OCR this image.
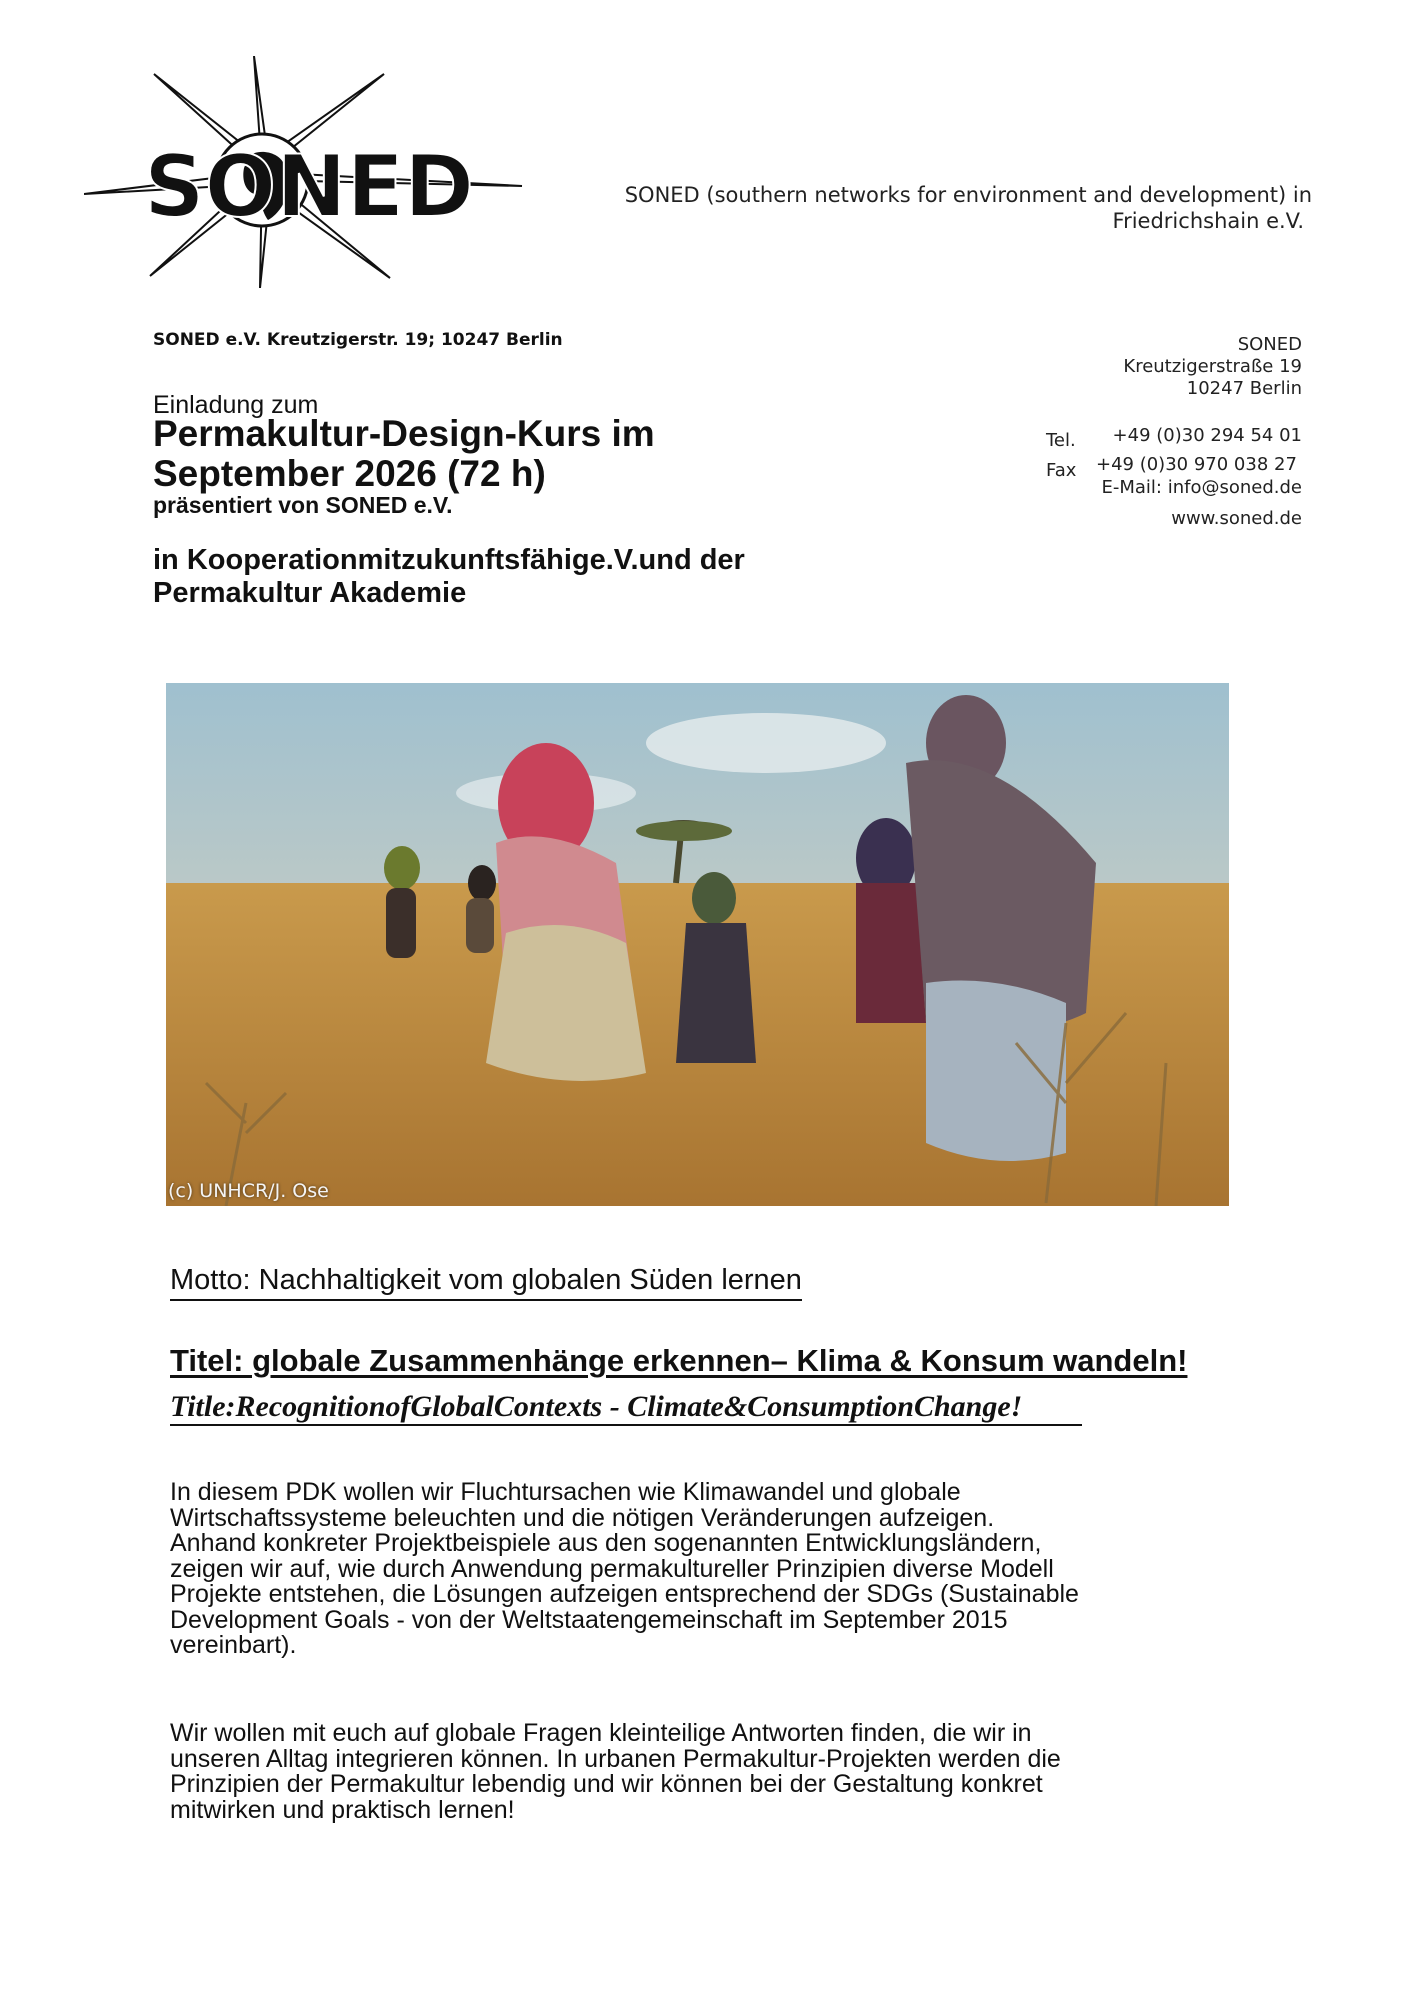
SONED	SONED (southern networks for environment and development) in
Friedrichshain e.V.
SONED e.V. Kreutzigerstr. 19; 10247 Berlin	SONED
Kreutzigerstraße 19
10247 Berlin
Tel. +49 (0)30 294 54 01
Fax +49 (0)30 970 038 27
E-Mail: info@soned.de
www.soned.de
Einladung zum
Permakultur-Design-Kurs im
September 2026 (72 h)
präsentiert von SONED e.V.
in Kooperationmitzukunftsfähige.V.und der
Permakultur Akademie
(c) UNHCR/J. Ose
Motto: Nachhaltigkeit vom globalen Süden lernen
Titel: globale Zusammenhänge erkennen– Klima & Konsum wandeln!
Title:RecognitionofGlobalContexts - Climate&ConsumptionChange!
In diesem PDK wollen wir Fluchtursachen wie Klimawandel und globale
Wirtschaftssysteme beleuchten und die nötigen Veränderungen aufzeigen.
Anhand konkreter Projektbeispiele aus den sogenannten Entwicklungsländern,
zeigen wir auf, wie durch Anwendung permakultureller Prinzipien diverse Modell
Projekte entstehen, die Lösungen aufzeigen entsprechend der SDGs (Sustainable
Development Goals - von der Weltstaatengemeinschaft im September 2015
vereinbart).
Wir wollen mit euch auf globale Fragen kleinteilige Antworten finden, die wir in
unseren Alltag integrieren können. In urbanen Permakultur-Projekten werden die
Prinzipien der Permakultur lebendig und wir können bei der Gestaltung konkret
mitwirken und praktisch lernen!
